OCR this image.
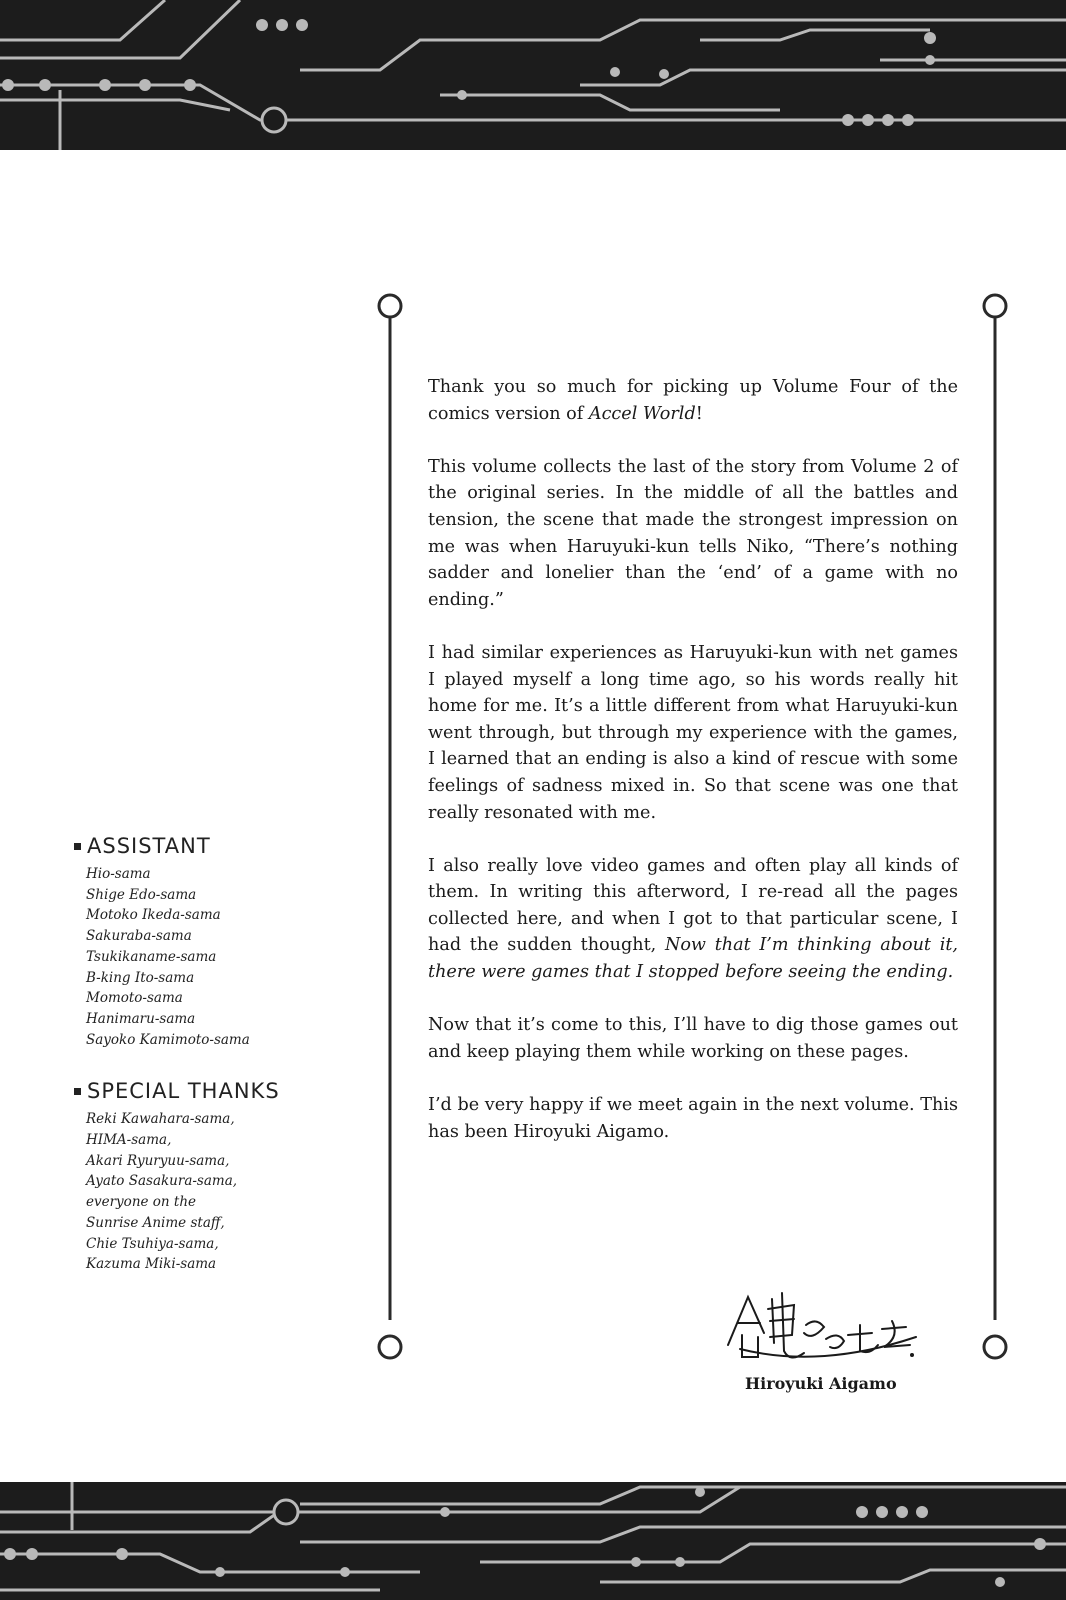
ASSISTANT
Hio-sama
Shige Edo-sama
Motoko Ikeda-sama
Sakuraba-sama
Tsukikaname-sama
B-king Ito-sama
Momoto-sama
Hanimaru-sama
Sayoko Kamimoto-sama
SPECIAL THANKS
Reki Kawahara-sama,
HIMA-sama,
Akari Ryuryuu-sama,
Ayato Sasakura-sama,
everyone on the
Sunrise Anime staff,
Chie Tsuhiya-sama,
Kazuma Miki-sama

Thank you so much for picking up Volume Four of the comics version of Accel World!

This volume collects the last of the story from Volume 2 of the original series. In the middle of all the battles and tension, the scene that made the strongest impression on me was when Haruyuki-kun tells Niko, “There’s nothing sadder and lonelier than the ‘end’ of a game with no ending.”

I had similar experiences as Haruyuki-kun with net games I played myself a long time ago, so his words really hit home for me. It’s a little different from what Haruyuki-kun went through, but through my experience with the games, I learned that an ending is also a kind of rescue with some feelings of sadness mixed in. So that scene was one that really resonated with me.

I also really love video games and often play all kinds of them. In writing this afterword, I re-read all the pages collected here, and when I got to that particular scene, I had the sudden thought, Now that I’m thinking about it, there were games that I stopped before seeing the ending.

Now that it’s come to this, I’ll have to dig those games out and keep playing them while working on these pages.

I’d be very happy if we meet again in the next volume. This has been Hiroyuki Aigamo.

Hiroyuki Aigamo
